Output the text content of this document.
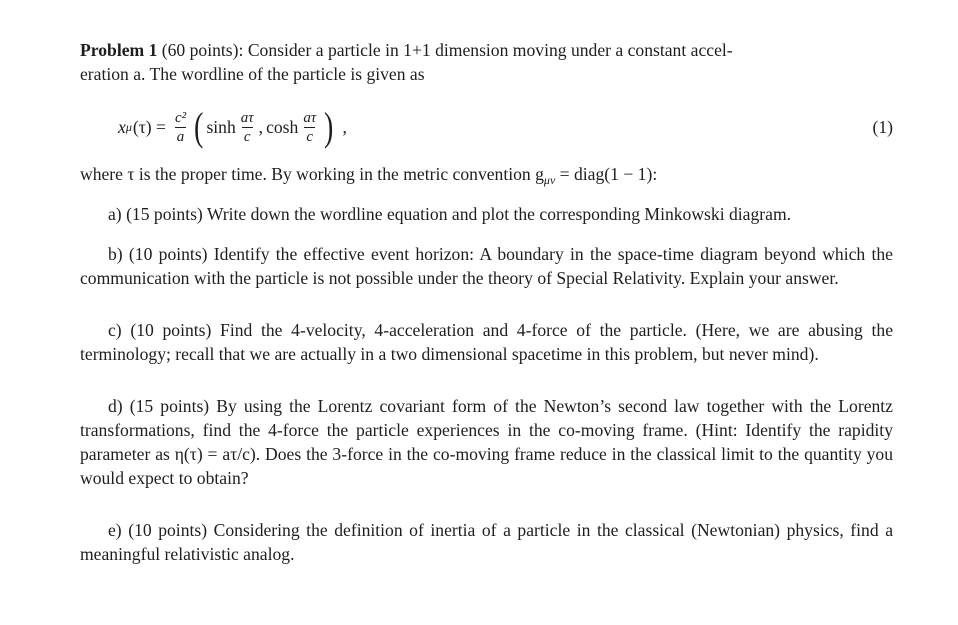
Problem 1 (60 points): Consider a particle in 1+1 dimension moving under a constant accel-
eration a. The wordline of the particle is given as

x μ $(\tau) = \frac{\text{c²}}{a}$ ( $\sinh \frac{a\tau}{c}$ , $\cosh \frac{a\tau}{c}$ ) ,	(1)

where τ is the proper time. By working in the metric convention $g_{\mu\nu}$ = diag(1 − 1):

a) (15 points) Write down the wordline equation and plot the corresponding Minkowski diagram.

b) (10 points) Identify the effective event horizon: A boundary in the space-time diagram beyond which the communication with the particle is not possible under the theory of Special Relativity. Explain your answer.

c) (10 points) Find the 4-velocity, 4-acceleration and 4-force of the particle. (Here, we are abusing the terminology; recall that we are actually in a two dimensional spacetime in this problem, but never mind).

d) (15 points) By using the Lorentz covariant form of the Newton’s second law together with the Lorentz transformations, find the 4-force the particle experiences in the co-moving frame. (Hint: Identify the rapidity parameter as η(τ) = aτ/c). Does the 3-force in the co-moving frame reduce in the classical limit to the quantity you would expect to obtain?

e) (10 points) Considering the definition of inertia of a particle in the classical (Newtonian) physics, find a meaningful relativistic analog.
